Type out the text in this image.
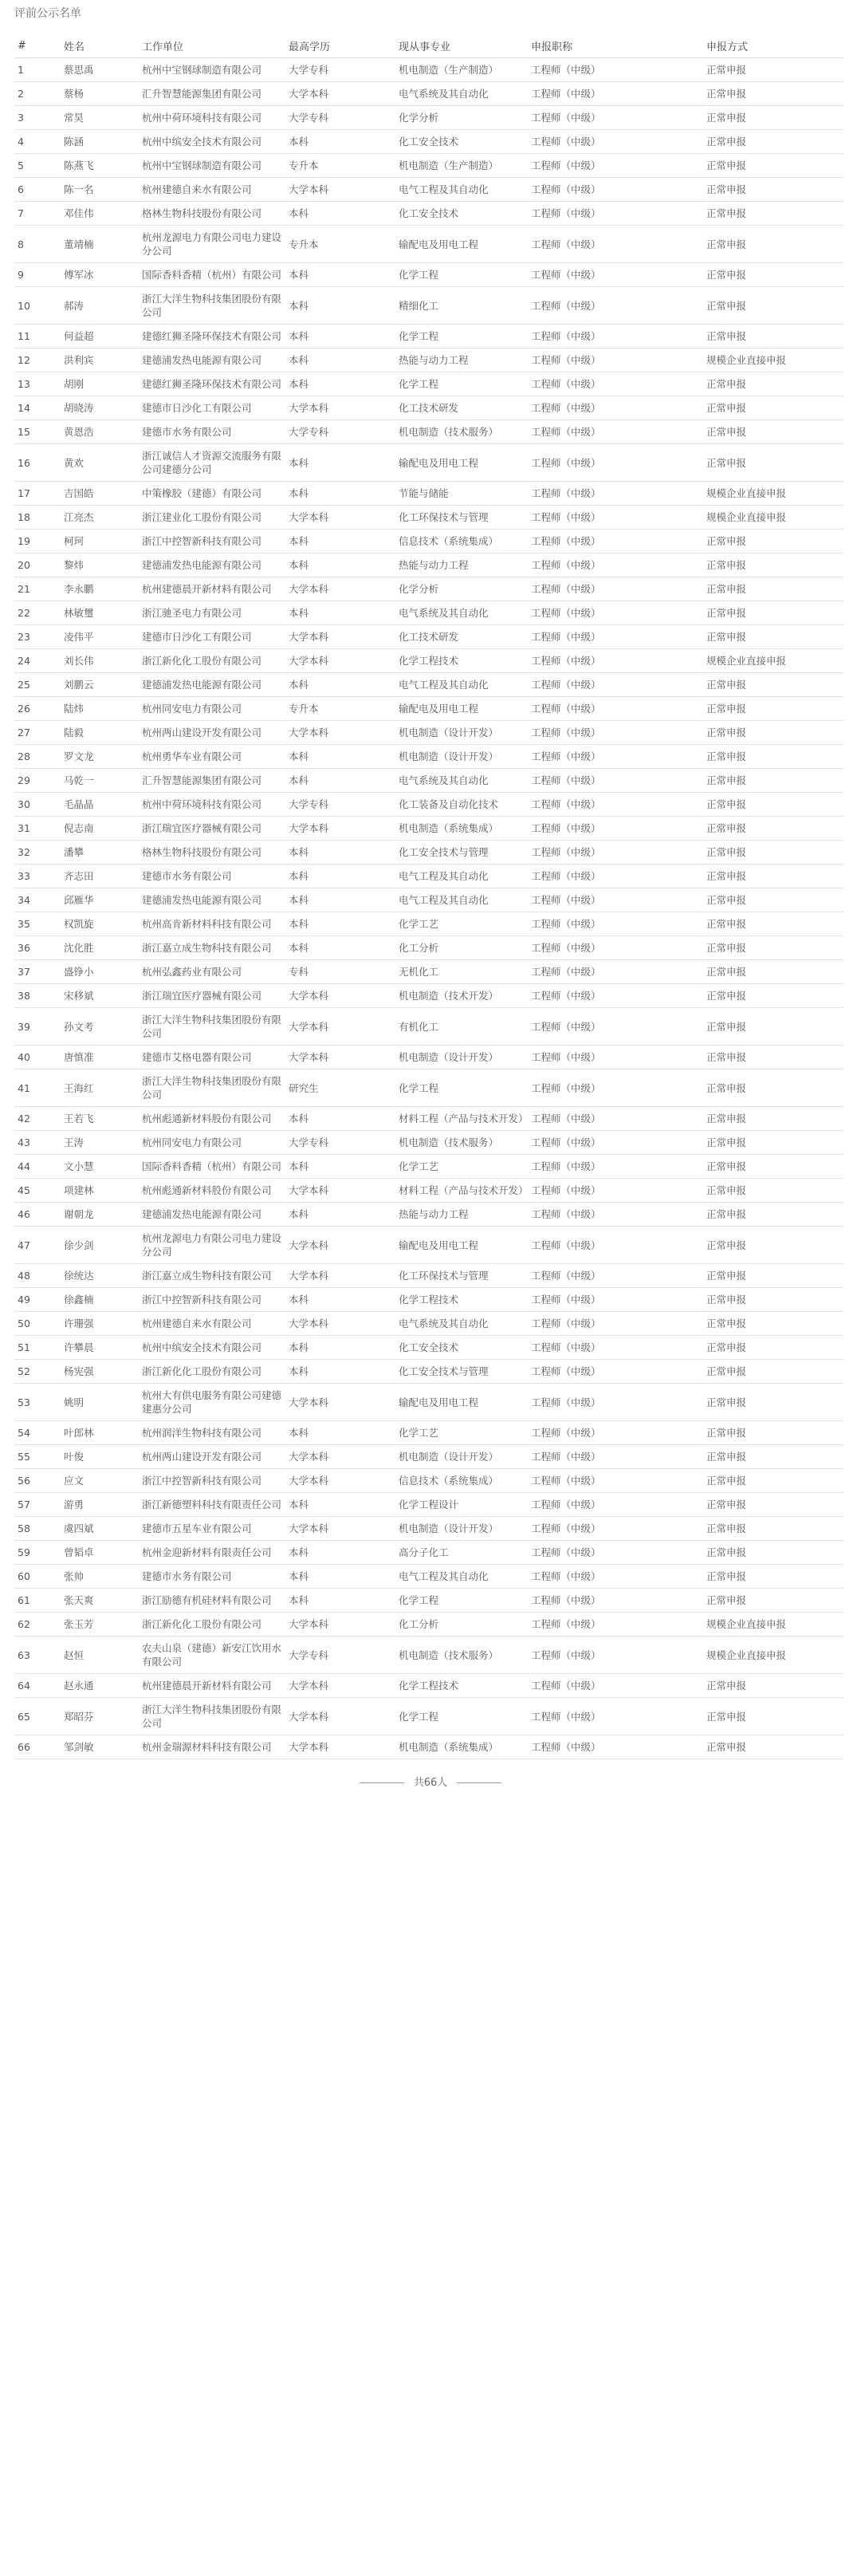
评前公示名单
#	姓名	工作单位	最高学历	现从事专业	申报职称	申报方式
1	蔡思禹	杭州中宝钢球制造有限公司	大学专科	机电制造（生产制造）	工程师（中级）	正常申报
2	蔡杨	汇升智慧能源集团有限公司	大学本科	电气系统及其自动化	工程师（中级）	正常申报
3	常昊	杭州中荷环境科技有限公司	大学专科	化学分析	工程师（中级）	正常申报
4	陈涵	杭州中缤安全技术有限公司	本科	化工安全技术	工程师（中级）	正常申报
5	陈燕飞	杭州中宝钢球制造有限公司	专升本	机电制造（生产制造）	工程师（中级）	正常申报
6	陈一名	杭州建德自来水有限公司	大学本科	电气工程及其自动化	工程师（中级）	正常申报
7	邓佳伟	格林生物科技股份有限公司	本科	化工安全技术	工程师（中级）	正常申报
8	董靖楠	杭州龙源电力有限公司电力建设分公司	专升本	输配电及用电工程	工程师（中级）	正常申报
9	傅军冰	国际香料香精（杭州）有限公司	本科	化学工程	工程师（中级）	正常申报
10	郝涛	浙江大洋生物科技集团股份有限公司	本科	精细化工	工程师（中级）	正常申报
11	何益超	建德红狮圣隆环保技术有限公司	本科	化学工程	工程师（中级）	正常申报
12	洪利宾	建德浦发热电能源有限公司	本科	热能与动力工程	工程师（中级）	规模企业直接申报
13	胡刚	建德红狮圣隆环保技术有限公司	本科	化学工程	工程师（中级）	正常申报
14	胡晓涛	建德市日沙化工有限公司	大学本科	化工技术研发	工程师（中级）	正常申报
15	黄恩浩	建德市水务有限公司	大学专科	机电制造（技术服务）	工程师（中级）	正常申报
16	黄欢	浙江诚信人才资源交流服务有限公司建德分公司	本科	输配电及用电工程	工程师（中级）	正常申报
17	吉国皓	中策橡胶（建德）有限公司	本科	节能与储能	工程师（中级）	规模企业直接申报
18	江亮杰	浙江建业化工股份有限公司	大学本科	化工环保技术与管理	工程师（中级）	规模企业直接申报
19	柯珂	浙江中控智新科技有限公司	本科	信息技术（系统集成）	工程师（中级）	正常申报
20	黎炜	建德浦发热电能源有限公司	本科	热能与动力工程	工程师（中级）	正常申报
21	李永鹏	杭州建德晨开新材料有限公司	大学本科	化学分析	工程师（中级）	正常申报
22	林敏璽	浙江驰圣电力有限公司	本科	电气系统及其自动化	工程师（中级）	正常申报
23	凌伟平	建德市日沙化工有限公司	大学本科	化工技术研发	工程师（中级）	正常申报
24	刘长伟	浙江新化化工股份有限公司	大学本科	化学工程技术	工程师（中级）	规模企业直接申报
25	刘鹏云	建德浦发热电能源有限公司	本科	电气工程及其自动化	工程师（中级）	正常申报
26	陆炜	杭州同安电力有限公司	专升本	输配电及用电工程	工程师（中级）	正常申报
27	陆毅	杭州两山建设开发有限公司	大学本科	机电制造（设计开发）	工程师（中级）	正常申报
28	罗文龙	杭州勇华车业有限公司	本科	机电制造（设计开发）	工程师（中级）	正常申报
29	马乾一	汇升智慧能源集团有限公司	本科	电气系统及其自动化	工程师（中级）	正常申报
30	毛晶晶	杭州中荷环境科技有限公司	大学专科	化工装备及自动化技术	工程师（中级）	正常申报
31	倪志南	浙江瑞宜医疗器械有限公司	大学本科	机电制造（系统集成）	工程师（中级）	正常申报
32	潘攀	格林生物科技股份有限公司	本科	化工安全技术与管理	工程师（中级）	正常申报
33	齐志田	建德市水务有限公司	本科	电气工程及其自动化	工程师（中级）	正常申报
34	邱雁华	建德浦发热电能源有限公司	本科	电气工程及其自动化	工程师（中级）	正常申报
35	权凯旋	杭州高肯新材料科技有限公司	本科	化学工艺	工程师（中级）	正常申报
36	沈化胜	浙江嘉立成生物科技有限公司	本科	化工分析	工程师（中级）	正常申报
37	盛铮小	杭州弘鑫药业有限公司	专科	无机化工	工程师（中级）	正常申报
38	宋移斌	浙江瑞宜医疗器械有限公司	大学本科	机电制造（技术开发）	工程师（中级）	正常申报
39	孙文考	浙江大洋生物科技集团股份有限公司	大学本科	有机化工	工程师（中级）	正常申报
40	唐慎准	建德市艾格电器有限公司	大学本科	机电制造（设计开发）	工程师（中级）	正常申报
41	王海红	浙江大洋生物科技集团股份有限公司	研究生	化学工程	工程师（中级）	正常申报
42	王若飞	杭州彪通新材料股份有限公司	本科	材料工程（产品与技术开发）	工程师（中级）	正常申报
43	王涛	杭州同安电力有限公司	大学专科	机电制造（技术服务）	工程师（中级）	正常申报
44	文小慧	国际香料香精（杭州）有限公司	本科	化学工艺	工程师（中级）	正常申报
45	项建林	杭州彪通新材料股份有限公司	大学本科	材料工程（产品与技术开发）	工程师（中级）	正常申报
46	谢朝龙	建德浦发热电能源有限公司	本科	热能与动力工程	工程师（中级）	正常申报
47	徐少剑	杭州龙源电力有限公司电力建设分公司	大学本科	输配电及用电工程	工程师（中级）	正常申报
48	徐统达	浙江嘉立成生物科技有限公司	大学本科	化工环保技术与管理	工程师（中级）	正常申报
49	徐鑫楠	浙江中控智新科技有限公司	本科	化学工程技术	工程师（中级）	正常申报
50	许珊强	杭州建德自来水有限公司	大学本科	电气系统及其自动化	工程师（中级）	正常申报
51	许攀晨	杭州中缤安全技术有限公司	本科	化工安全技术	工程师（中级）	正常申报
52	杨宪强	浙江新化化工股份有限公司	本科	化工安全技术与管理	工程师（中级）	正常申报
53	姚明	杭州大有供电服务有限公司建德建惠分公司	大学本科	输配电及用电工程	工程师（中级）	正常申报
54	叶郎林	杭州润洋生物科技有限公司	本科	化学工艺	工程师（中级）	正常申报
55	叶俊	杭州两山建设开发有限公司	大学本科	机电制造（设计开发）	工程师（中级）	正常申报
56	应文	浙江中控智新科技有限公司	大学本科	信息技术（系统集成）	工程师（中级）	正常申报
57	游勇	浙江新德塑料科技有限责任公司	本科	化学工程设计	工程师（中级）	正常申报
58	虞四斌	建德市五星车业有限公司	大学本科	机电制造（设计开发）	工程师（中级）	正常申报
59	曾韬卓	杭州金迎新材料有限责任公司	本科	高分子化工	工程师（中级）	正常申报
60	张帅	建德市水务有限公司	本科	电气工程及其自动化	工程师（中级）	正常申报
61	张天爽	浙江励德有机硅材料有限公司	本科	化学工程	工程师（中级）	正常申报
62	张玉芳	浙江新化化工股份有限公司	大学本科	化工分析	工程师（中级）	规模企业直接申报
63	赵恒	农夫山泉（建德）新安江饮用水有限公司	大学专科	机电制造（技术服务）	工程师（中级）	规模企业直接申报
64	赵永通	杭州建德晨开新材料有限公司	大学本科	化学工程技术	工程师（中级）	正常申报
65	郑昭芬	浙江大洋生物科技集团股份有限公司	大学本科	化学工程	工程师（中级）	正常申报
66	邹剑敏	杭州金瑞源材料科技有限公司	大学本科	机电制造（系统集成）	工程师（中级）	正常申报
共66人
